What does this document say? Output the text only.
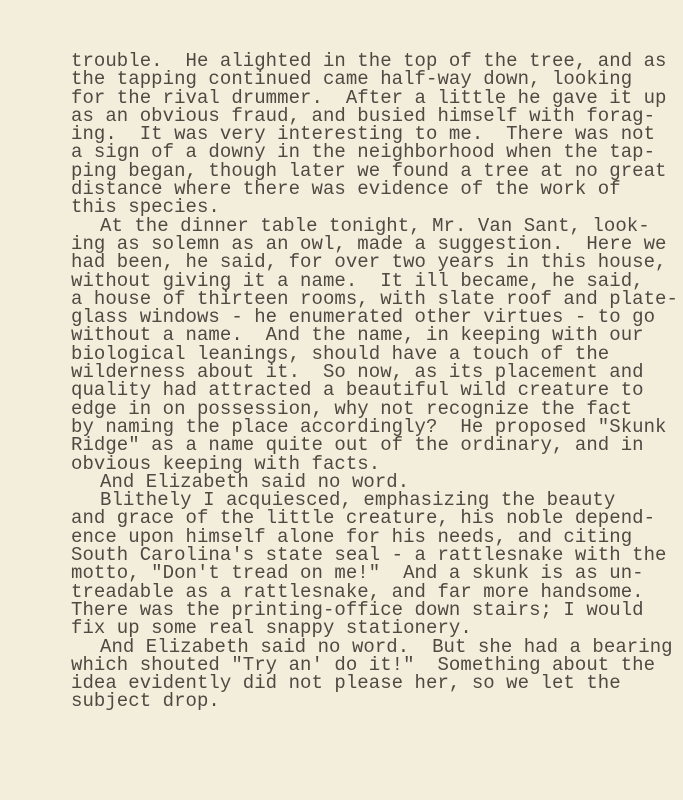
trouble.  He alighted in the top of the tree, and as
the tapping continued came half-way down, looking
for the rival drummer.  After a little he gave it up
as an obvious fraud, and busied himself with forag-
ing.  It was very interesting to me.  There was not
a sign of a downy in the neighborhood when the tap-
ping began, though later we found a tree at no great
distance where there was evidence of the work of
this species.
At the dinner table tonight, Mr. Van Sant, look-
ing as solemn as an owl, made a suggestion.  Here we
had been, he said, for over two years in this house,
without giving it a name.  It ill became, he said,
a house of thirteen rooms, with slate roof and plate-
glass windows - he enumerated other virtues - to go
without a name.  And the name, in keeping with our
biological leanings, should have a touch of the
wilderness about it.  So now, as its placement and
quality had attracted a beautiful wild creature to
edge in on possession, why not recognize the fact
by naming the place accordingly?  He proposed "Skunk
Ridge" as a name quite out of the ordinary, and in
obvious keeping with facts.
And Elizabeth said no word.
Blithely I acquiesced, emphasizing the beauty
and grace of the little creature, his noble depend-
ence upon himself alone for his needs, and citing
South Carolina's state seal - a rattlesnake with the
motto, "Don't tread on me!"  And a skunk is as un-
treadable as a rattlesnake, and far more handsome.
There was the printing-office down stairs; I would
fix up some real snappy stationery.
And Elizabeth said no word.  But she had a bearing
which shouted "Try an' do it!"  Something about the
idea evidently did not please her, so we let the
subject drop.
